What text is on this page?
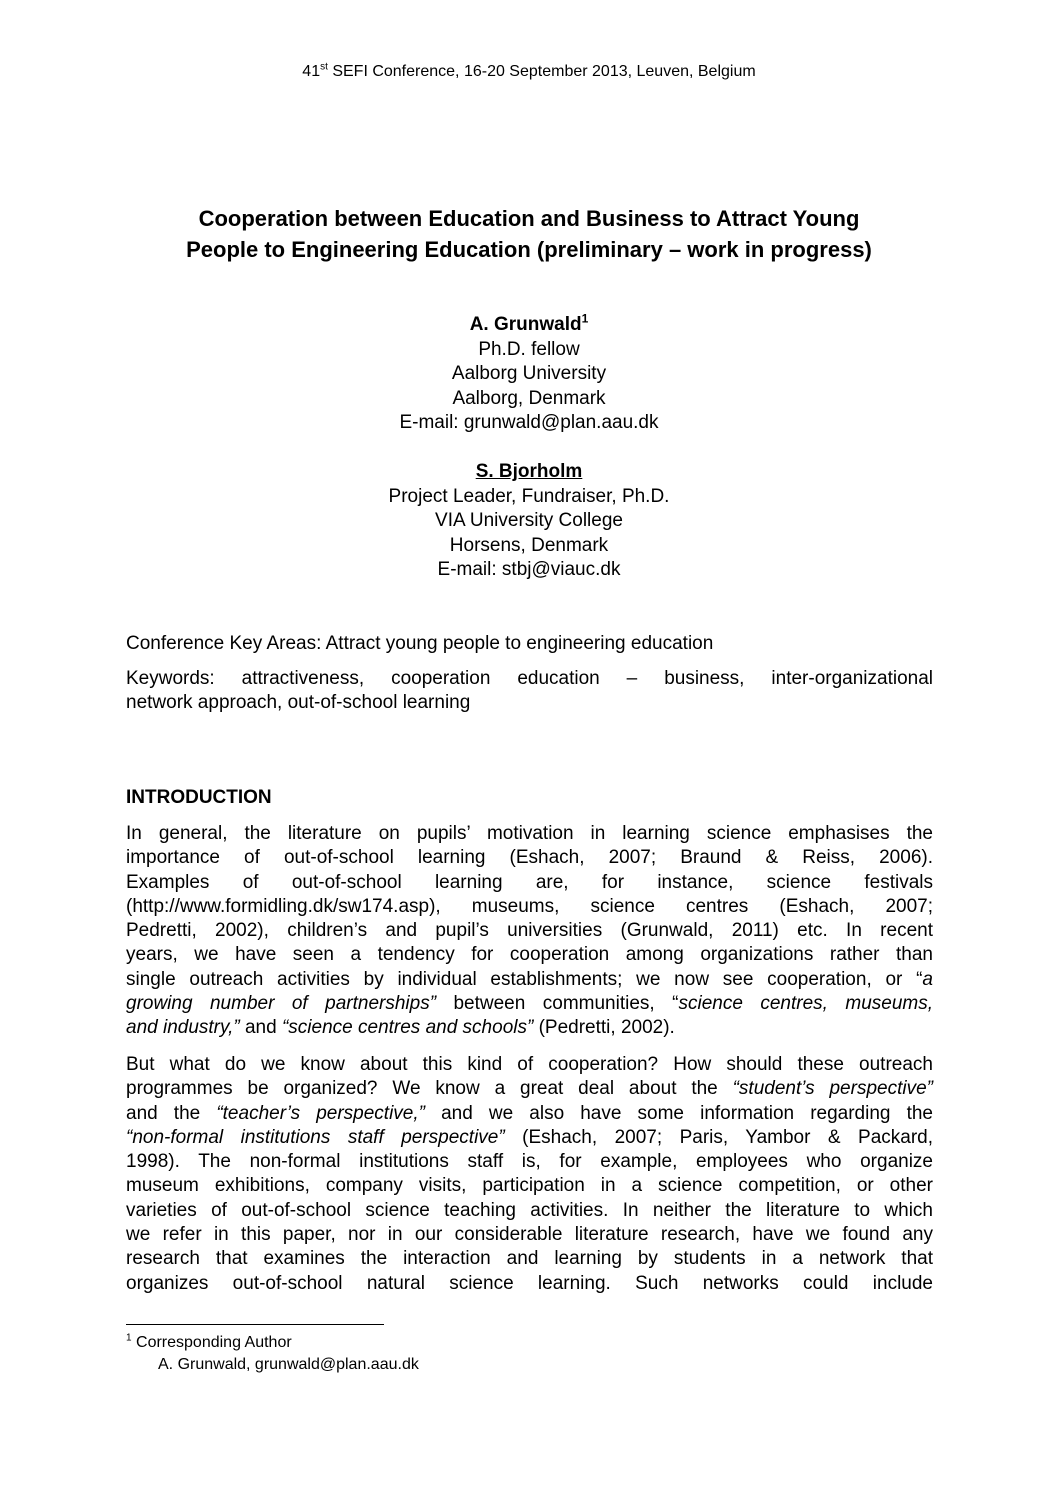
41st SEFI Conference, 16-20 September 2013, Leuven, Belgium
Cooperation between Education and Business to Attract Young
People to Engineering Education (preliminary – work in progress)
A. Grunwald$^1$
Ph.D. fellow
Aalborg University
Aalborg, Denmark
E-mail: grunwald@plan.aau.dk
S. Bjorholm
Project Leader, Fundraiser, Ph.D.
VIA University College
Horsens, Denmark
E-mail: stbj@viauc.dk
Conference Key Areas: Attract young people to engineering education
Keywords: attractiveness, cooperation education – business, inter-organizational
network approach, out-of-school learning
INTRODUCTION
In general, the literature on pupils’ motivation in learning science emphasises the
importance of out-of-school learning (Eshach, 2007; Braund & Reiss, 2006).
Examples of out-of-school learning are, for instance, science festivals
(http://www.formidling.dk/sw174.asp), museums, science centres (Eshach, 2007;
Pedretti, 2002), children’s and pupil’s universities (Grunwald, 2011) etc. In recent
years, we have seen a tendency for cooperation among organizations rather than
single outreach activities by individual establishments; we now see cooperation, or “a
growing number of partnerships” between communities, “science centres, museums,
and industry,” and “science centres and schools” (Pedretti, 2002).
But what do we know about this kind of cooperation? How should these outreach
programmes be organized? We know a great deal about the “student’s perspective”
and the “teacher’s perspective,” and we also have some information regarding the
“non-formal institutions staff perspective” (Eshach, 2007; Paris, Yambor & Packard,
1998). The non-formal institutions staff is, for example, employees who organize
museum exhibitions, company visits, participation in a science competition, or other
varieties of out-of-school science teaching activities. In neither the literature to which
we refer in this paper, nor in our considerable literature research, have we found any
research that examines the interaction and learning by students in a network that
organizes out-of-school natural science learning. Such networks could include
$^1$ Corresponding Author
A. Grunwald, grunwald@plan.aau.dk
